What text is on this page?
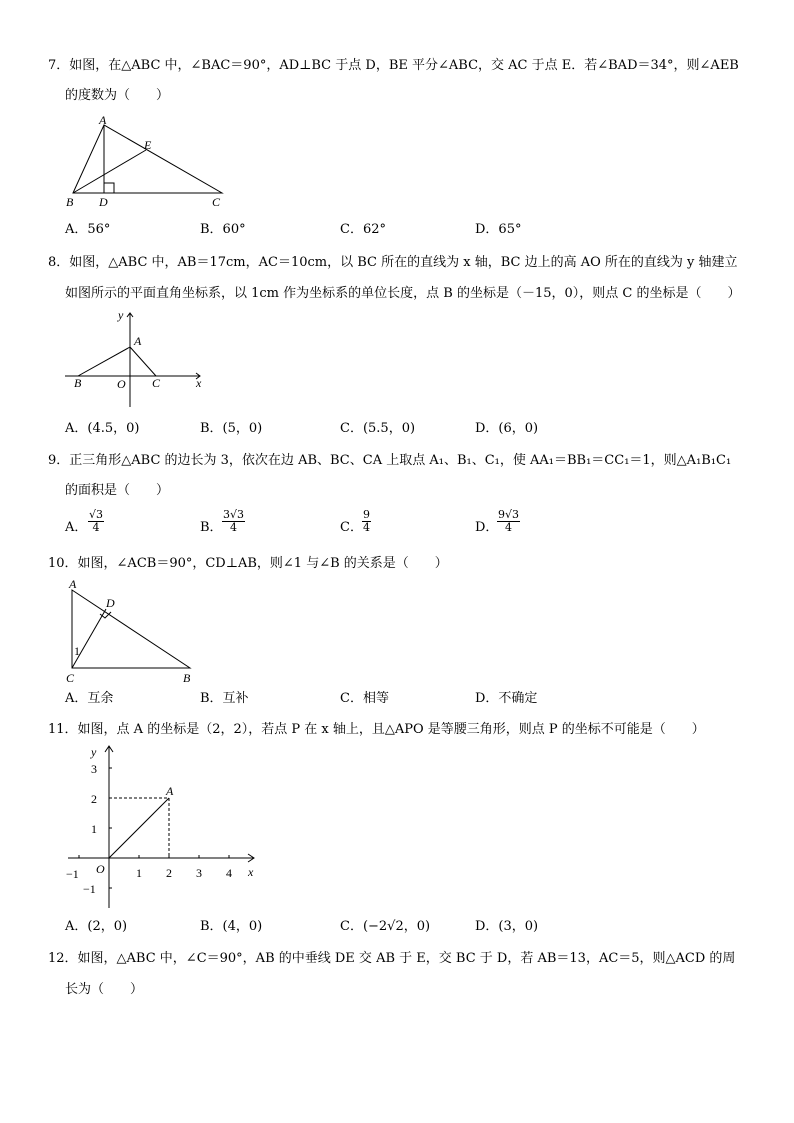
7．如图，在△ABC 中，∠BAC＝90°，AD⊥BC 于点 D，BE 平分∠ABC，交 AC 于点 E．若∠BAD＝34°，则∠AEB
的度数为（　　）
A
B D	C
E
A．56°	B．60°	C．62°	D．65°
8．如图，△ABC 中，AB＝17cm，AC＝10cm，以 BC 所在的直线为 x 轴，BC 边上的高 AO 所在的直线为 y 轴建立
如图所示的平面直角坐标系，以 1cm 作为坐标系的单位长度，点 B 的坐标是（－15，0），则点 C 的坐标是（　　）
y
A
B	O C	x
A．(4.5，0)	B．(5，0)	C．(5.5，0)	D．(6，0)
9．正三角形△ABC 的边长为 3，依次在边 AB、BC、CA 上取点 A₁、B₁、C₁，使 AA₁＝BB₁＝CC₁＝1，则△A₁B₁C₁
的面积是（　　）
A． $\frac{√3}{4}$	B． $\frac{3√3}{4}$	C． $\frac{9}{4}$	D．
$\frac{9√3}{4}$
10．如图，∠ACB＝90°，CD⊥AB，则∠1 与∠B 的关系是（　　）
A
D
1
C	B
A．互余	B．互补	C．相等	D．不确定
11．如图，点 A 的坐标是（2，2），若点 P 在 x 轴上，且△APO 是等腰三角形，则点 P 的坐标不可能是（　　）
y
x
A
O
3
2
1
−1
−1	1 2 3 4
A．(2，0)	B．(4，0)	C．(−2√2，0)	D．(3，0)
12．如图，△ABC 中，∠C＝90°，AB 的中垂线 DE 交 AB 于 E，交 BC 于 D，若 AB＝13，AC＝5，则△ACD 的周
长为（　　）
